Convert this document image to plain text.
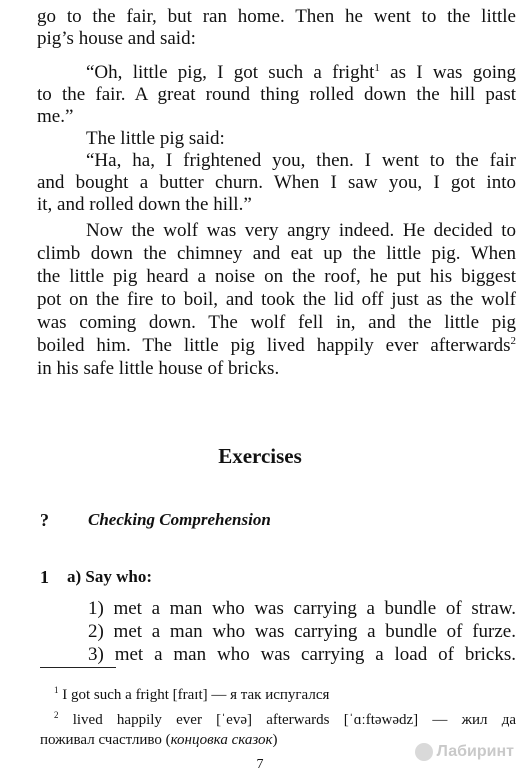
go to the fair, but ran home. Then he went to the little
pig’s house and said:
“Oh, little pig, I got such a fright$^1$ as I was going
to the fair. A great round thing rolled down the hill past
me.”
The little pig said:
“Ha, ha, I frightened you, then. I went to the fair
and bought a butter churn. When I saw you, I got into
it, and rolled down the hill.”
Now the wolf was very angry indeed. He decided to
climb down the chimney and eat up the little pig. When
the little pig heard a noise on the roof, he put his biggest
pot on the fire to boil, and took the lid off just as the wolf
was coming down. The wolf fell in, and the little pig
boiled him. The little pig lived happily ever afterwards$^2$
in his safe little house of bricks.
Exercises
? Checking Comprehension
1 a) Say who:
1) met a man who was carrying a bundle of straw.
2) met a man who was carrying a bundle of furze.
3) met a man who was carrying a load of bricks.
$^1$ I got such a fright [fraɪt] — я так испугался
$^2$ lived happily ever [ˈevə] afterwards [ˈɑːftəwədz] — жил да
поживал счастливо (концовка сказок)
Лабиринт
7
